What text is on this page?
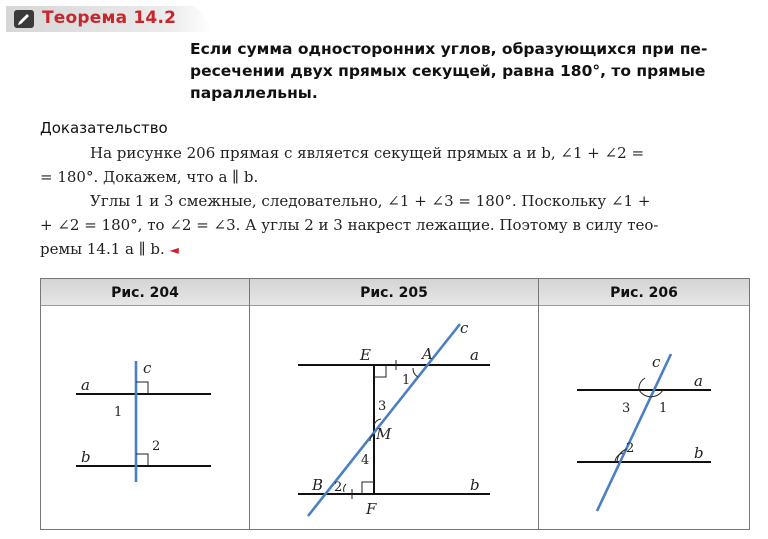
Теорема 14.2
Если сумма односторонних углов, образующихся при пе-
ресечении двух прямых секущей, равна 180°, то прямые
параллельны.
Доказательство

На рисунке 206 прямая c является секущей прямых a и b, ∠1 + ∠2 =

= 180°. Докажем, что a ∥ b.

Углы 1 и 3 смежные, следовательно, ∠1 + ∠3 = 180°. Поскольку ∠1 +

+ ∠2 = 180°, то ∠2 = ∠3. А углы 2 и 3 накрест лежащие. Поэтому в силу тео-
ремы 14.1 a ∥ b. ◄
Рис. 204
a
b
c
1
2
Рис. 205
E	A a
c
M
B	b
F
1
2
3
4
Рис. 206
a
b
c
1
2
3
